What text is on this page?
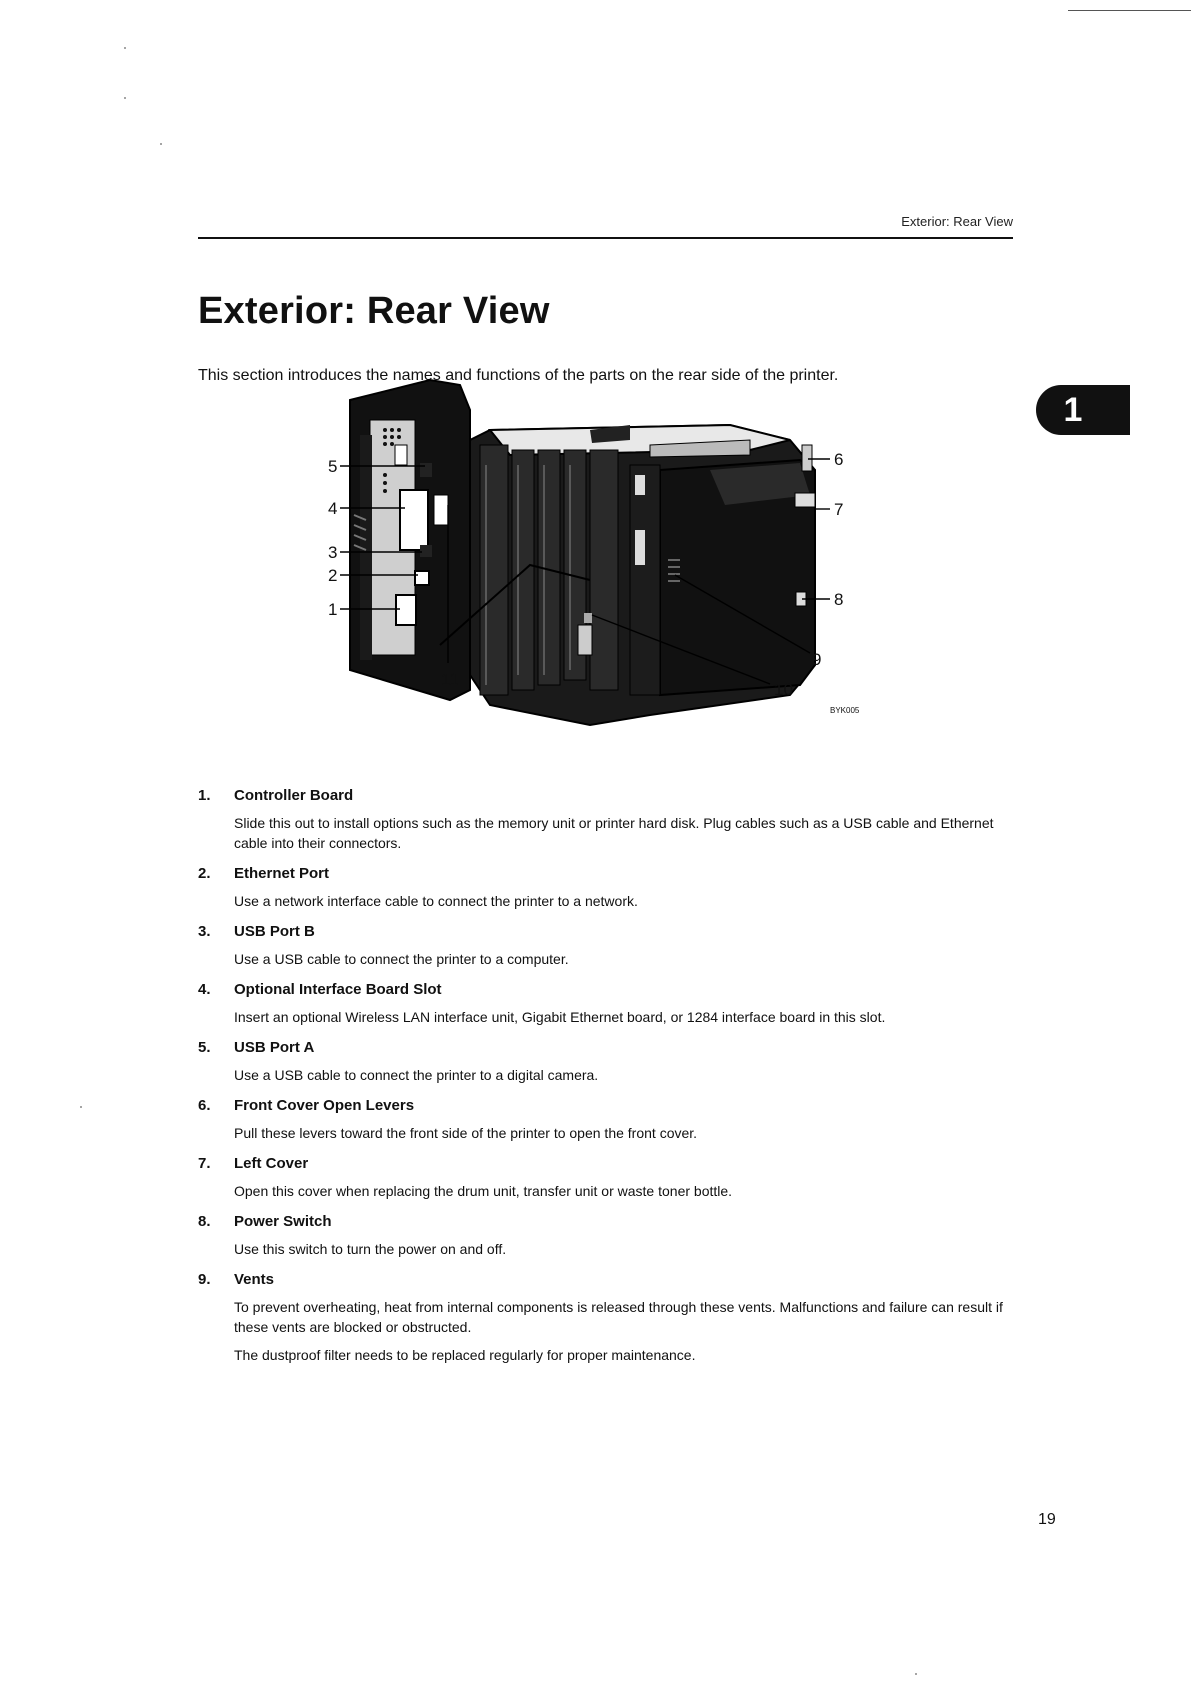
Exterior: Rear View
Exterior: Rear View

This section introduces the names and functions of the parts on the rear side of the printer.

1
1
2
3
4
5	6
7
8
9
10
11
BYK005
1. Controller Board

Slide this out to install options such as the memory unit or printer hard disk. Plug cables such as a USB cable and Ethernet cable into their connectors.

2. Ethernet Port

Use a network interface cable to connect the printer to a network.

3. USB Port B

Use a USB cable to connect the printer to a computer.

4. Optional Interface Board Slot

Insert an optional Wireless LAN interface unit, Gigabit Ethernet board, or 1284 interface board in this slot.

5. USB Port A

Use a USB cable to connect the printer to a digital camera.

6. Front Cover Open Levers

Pull these levers toward the front side of the printer to open the front cover.

7. Left Cover

Open this cover when replacing the drum unit, transfer unit or waste toner bottle.

8. Power Switch

Use this switch to turn the power on and off.

9. Vents

To prevent overheating, heat from internal components is released through these vents. Malfunctions and failure can result if these vents are blocked or obstructed.

The dustproof filter needs to be replaced regularly for proper maintenance.

19
